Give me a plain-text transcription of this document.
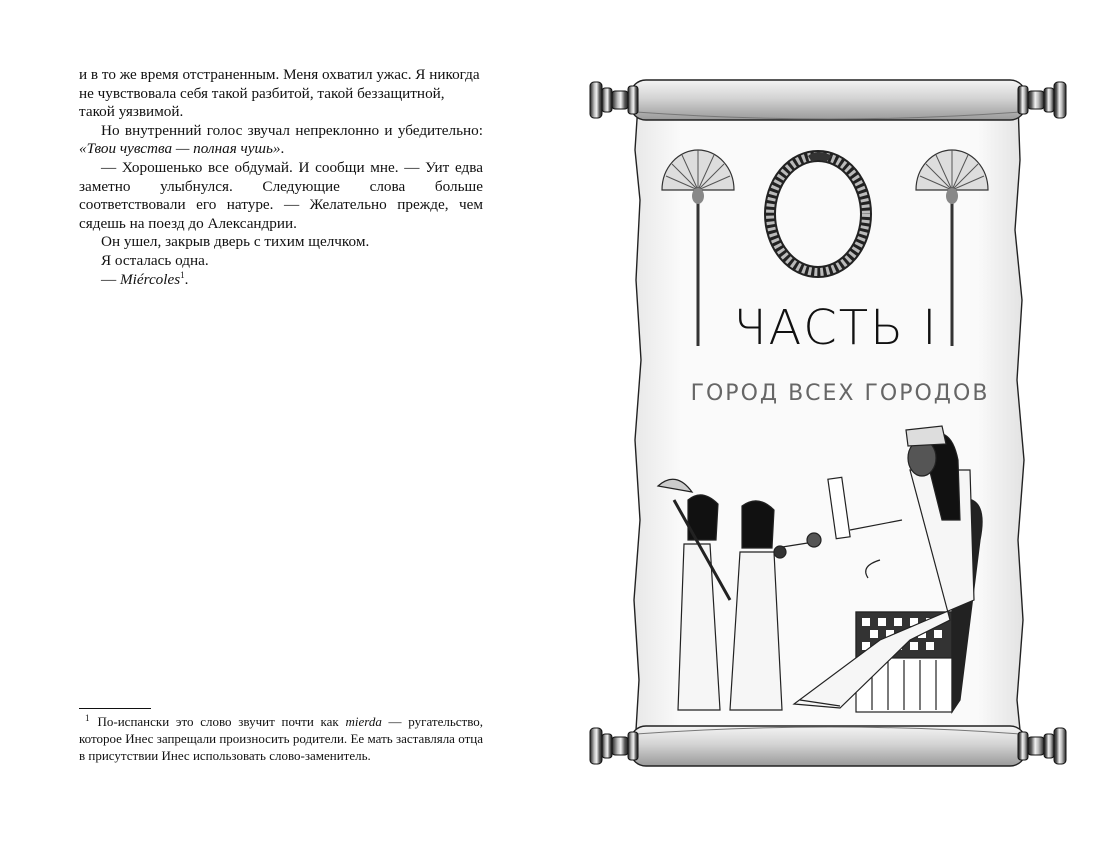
и в то же время отстраненным. Меня охватил ужас. Я никогда не чувствовала себя такой разбитой, такой беззащитной, такой уязвимой.

Но внутренний голос звучал непреклонно и убедительно: «Твои чувства — полная чушь».

— Хорошенько все обдумай. И сообщи мне. — Уит едва заметно улыбнулся. Следующие слова больше соответствовали его натуре. — Желательно прежде, чем сядешь на поезд до Александрии.

Он ушел, закрыв дверь с тихим щелчком.

Я осталась одна.

— Miércoles$^1$.

$^1$ По-испански это слово звучит почти как mierda — ругательство, которое Инес запрещали произносить родители. Ее мать заставляла отца в присутствии Инес использовать слово-заменитель.
ЧАСТЬ I
ГОРОД ВСЕХ ГОРОДОВ
